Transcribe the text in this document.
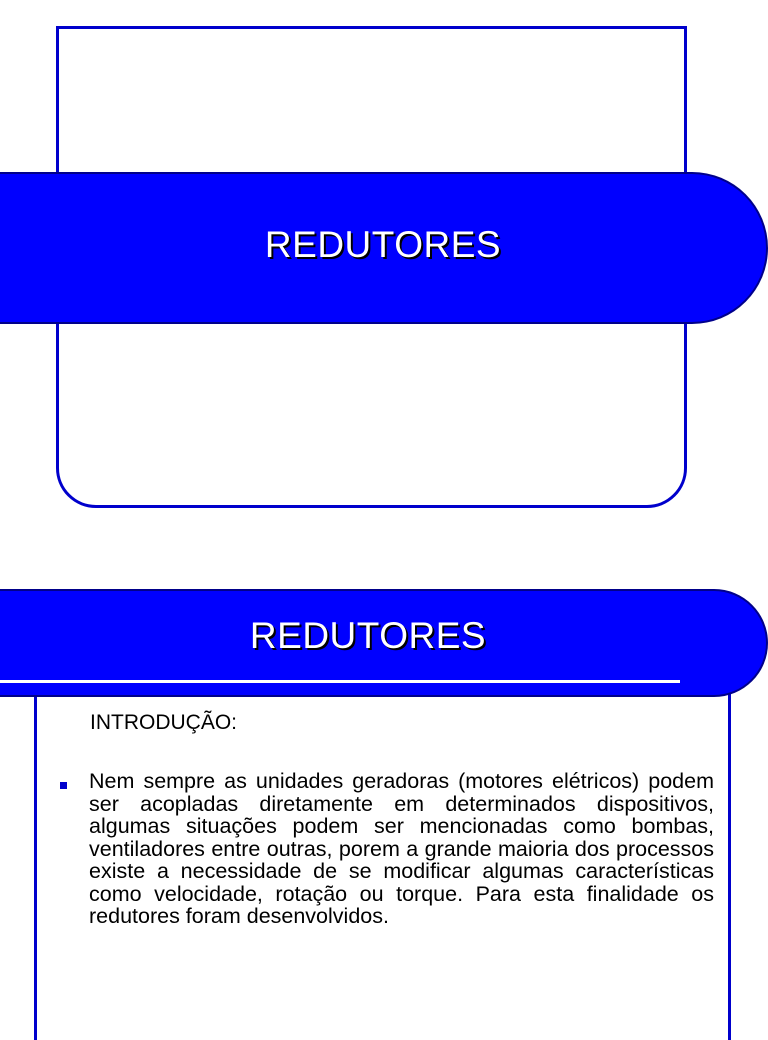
REDUTORES
REDUTORES
INTRODUÇÃO:

Nem sempre as unidades geradoras (motores elétricos) podem ser acopladas diretamente em determinados dispositivos, algumas situações podem ser mencionadas como bombas, ventiladores entre outras, porem a grande maioria dos processos existe a necessidade de se modificar algumas características como velocidade, rotação ou torque. Para esta finalidade os redutores foram desenvolvidos.
